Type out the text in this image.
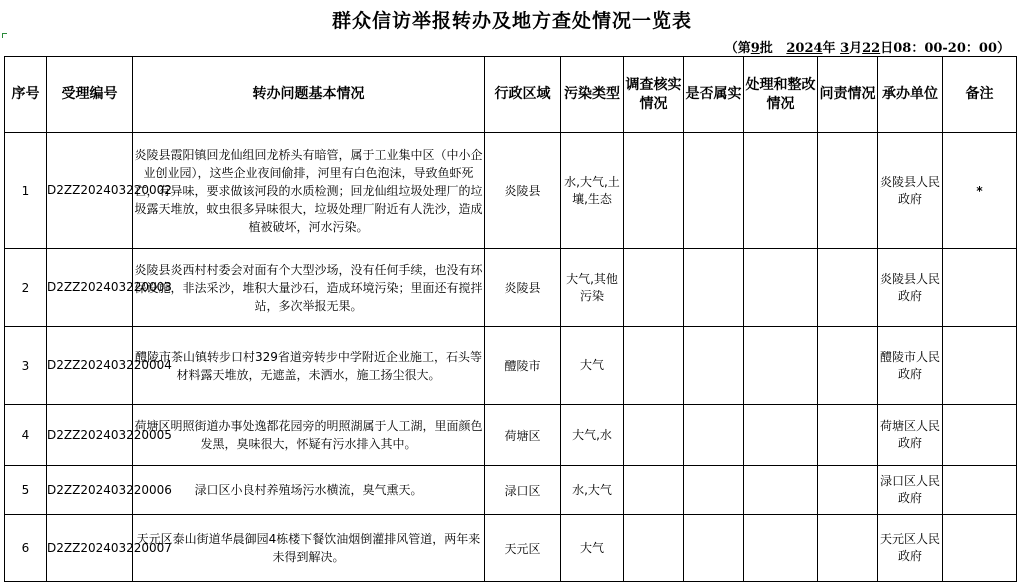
群众信访举报转办及地方查处情况一览表
（第9批   2024年 3月22日08：00-20：00）
序号	受理编号	转办问题基本情况	行政区域	污染类型	调查核实情况	是否属实	处理和整改情况	问责情况	承办单位	备注
1	D2ZZ202403220002	炎陵县霞阳镇回龙仙组回龙桥头有暗管，属于工业集中区（中小企业创业园），这些企业夜间偷排，河里有白色泡沫，导致鱼虾死亡，有异味，要求做该河段的水质检测；回龙仙组垃圾处理厂的垃圾露天堆放，蚊虫很多异味很大，垃圾处理厂附近有人洗沙，造成植被破坏，河水污染。	炎陵县	水,大气,土壤,生态					炎陵县人民政府	*
2	D2ZZ202403220003	炎陵县炎西村村委会对面有个大型沙场，没有任何手续，也没有环保设施，非法采沙，堆积大量沙石，造成环境污染；里面还有搅拌站，多次举报无果。	炎陵县	大气,其他污染					炎陵县人民政府	
3	D2ZZ202403220004	醴陵市茶山镇转步口村329省道旁转步中学附近企业施工，石头等材料露天堆放，无遮盖，未洒水，施工扬尘很大。	醴陵市	大气					醴陵市人民政府	
4	D2ZZ202403220005	荷塘区明照街道办事处逸都花园旁的明照湖属于人工湖，里面颜色发黑，臭味很大，怀疑有污水排入其中。	荷塘区	大气,水					荷塘区人民政府	
5	D2ZZ202403220006	渌口区小良村养殖场污水横流，臭气熏天。	渌口区	水,大气					渌口区人民政府	
6	D2ZZ202403220007	天元区泰山街道华晨御园4栋楼下餐饮油烟倒灌排风管道，两年来未得到解决。	天元区	大气					天元区人民政府	
